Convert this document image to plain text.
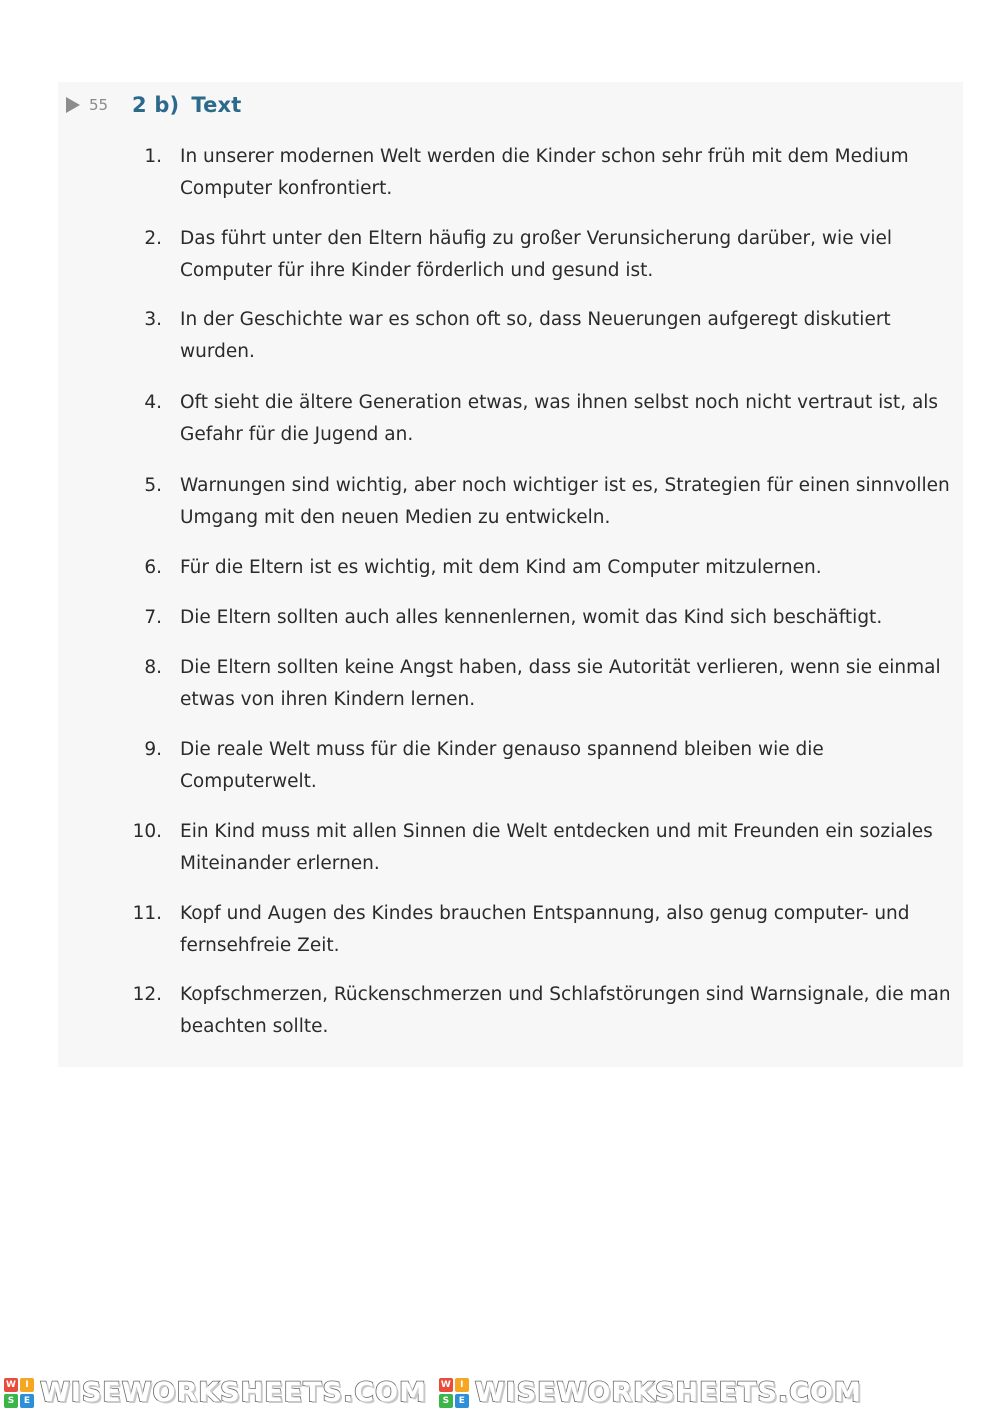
55	2 b) Text
1. In unserer modernen Welt werden die Kinder schon sehr früh mit dem Medium Computer konfrontiert.
2. Das führt unter den Eltern häufig zu großer Verunsicherung darüber, wie viel Computer für ihre Kinder förderlich und gesund ist.
3. In der Geschichte war es schon oft so, dass Neuerungen aufgeregt diskutiert wurden.
4. Oft sieht die ältere Generation etwas, was ihnen selbst noch nicht vertraut ist, als Gefahr für die Jugend an.
5. Warnungen sind wichtig, aber noch wichtiger ist es, Strategien für einen sinnvollen Umgang mit den neuen Medien zu entwickeln.
6. Für die Eltern ist es wichtig, mit dem Kind am Computer mitzulernen.
7. Die Eltern sollten auch alles kennenlernen, womit das Kind sich beschäftigt.
8. Die Eltern sollten keine Angst haben, dass sie Autorität verlieren, wenn sie einmal etwas von ihren Kindern lernen.
9. Die reale Welt muss für die Kinder genauso spannend bleiben wie die Computerwelt.
10. Ein Kind muss mit allen Sinnen die Welt entdecken und mit Freunden ein soziales Miteinander erlernen.
11. Kopf und Augen des Kindes brauchen Entspannung, also genug computer- und fernsehfreie Zeit.
12. Kopfschmerzen, Rückenschmerzen und Schlafstörungen sind Warnsignale, die man beachten sollte.
W	I
S	E WISEWORKSHEETS.COM W	I
S	E WISEWORKSHEETS.COM
